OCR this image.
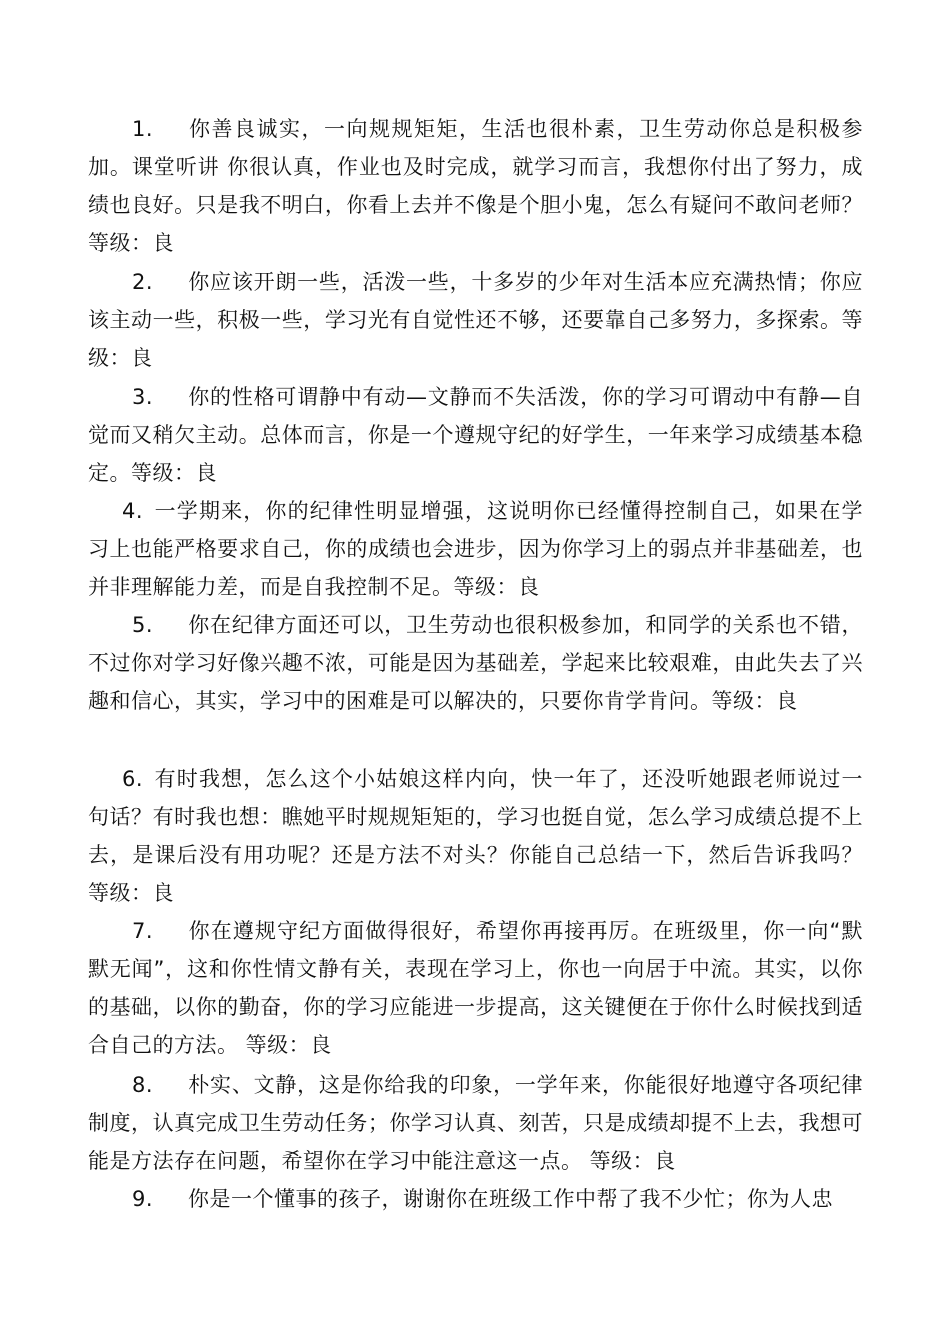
1. 你善良诚实，一向规规矩矩，生活也很朴素，卫生劳动你总是积极参加。课堂听讲 你很认真，作业也及时完成，就学习而言，我想你付出了努力，成绩也良好。只是我不明白，你看上去并不像是个胆小鬼，怎么有疑问不敢问老师？等级：良

2. 你应该开朗一些，活泼一些，十多岁的少年对生活本应充满热情；你应该主动一些，积极一些，学习光有自觉性还不够，还要靠自己多努力，多探索。等级：良

3. 你的性格可谓静中有动—文静而不失活泼，你的学习可谓动中有静—自觉而又稍欠主动。总体而言，你是一个遵规守纪的好学生，一年来学习成绩基本稳定。等级：良

4. 一学期来，你的纪律性明显增强，这说明你已经懂得控制自己，如果在学习上也能严格要求自己，你的成绩也会进步，因为你学习上的弱点并非基础差，也并非理解能力差，而是自我控制不足。等级：良

5. 你在纪律方面还可以，卫生劳动也很积极参加，和同学的关系也不错，不过你对学习好像兴趣不浓，可能是因为基础差，学起来比较艰难，由此失去了兴趣和信心，其实，学习中的困难是可以解决的，只要你肯学肯问。等级：良

6. 有时我想，怎么这个小姑娘这样内向，快一年了，还没听她跟老师说过一句话？有时我也想：瞧她平时规规矩矩的，学习也挺自觉，怎么学习成绩总提不上去，是课后没有用功呢？还是方法不对头？你能自己总结一下，然后告诉我吗？ 等级：良

7. 你在遵规守纪方面做得很好，希望你再接再厉。在班级里，你一向“默默无闻”，这和你性情文静有关，表现在学习上，你也一向居于中流。其实，以你的基础，以你的勤奋，你的学习应能进一步提高，这关键便在于你什么时候找到适合自己的方法。 等级：良

8. 朴实、文静，这是你给我的印象，一学年来，你能很好地遵守各项纪律制度，认真完成卫生劳动任务；你学习认真、刻苦，只是成绩却提不上去，我想可能是方法存在问题，希望你在学习中能注意这一点。 等级：良

9. 你是一个懂事的孩子，谢谢你在班级工作中帮了我不少忙；你为人忠
